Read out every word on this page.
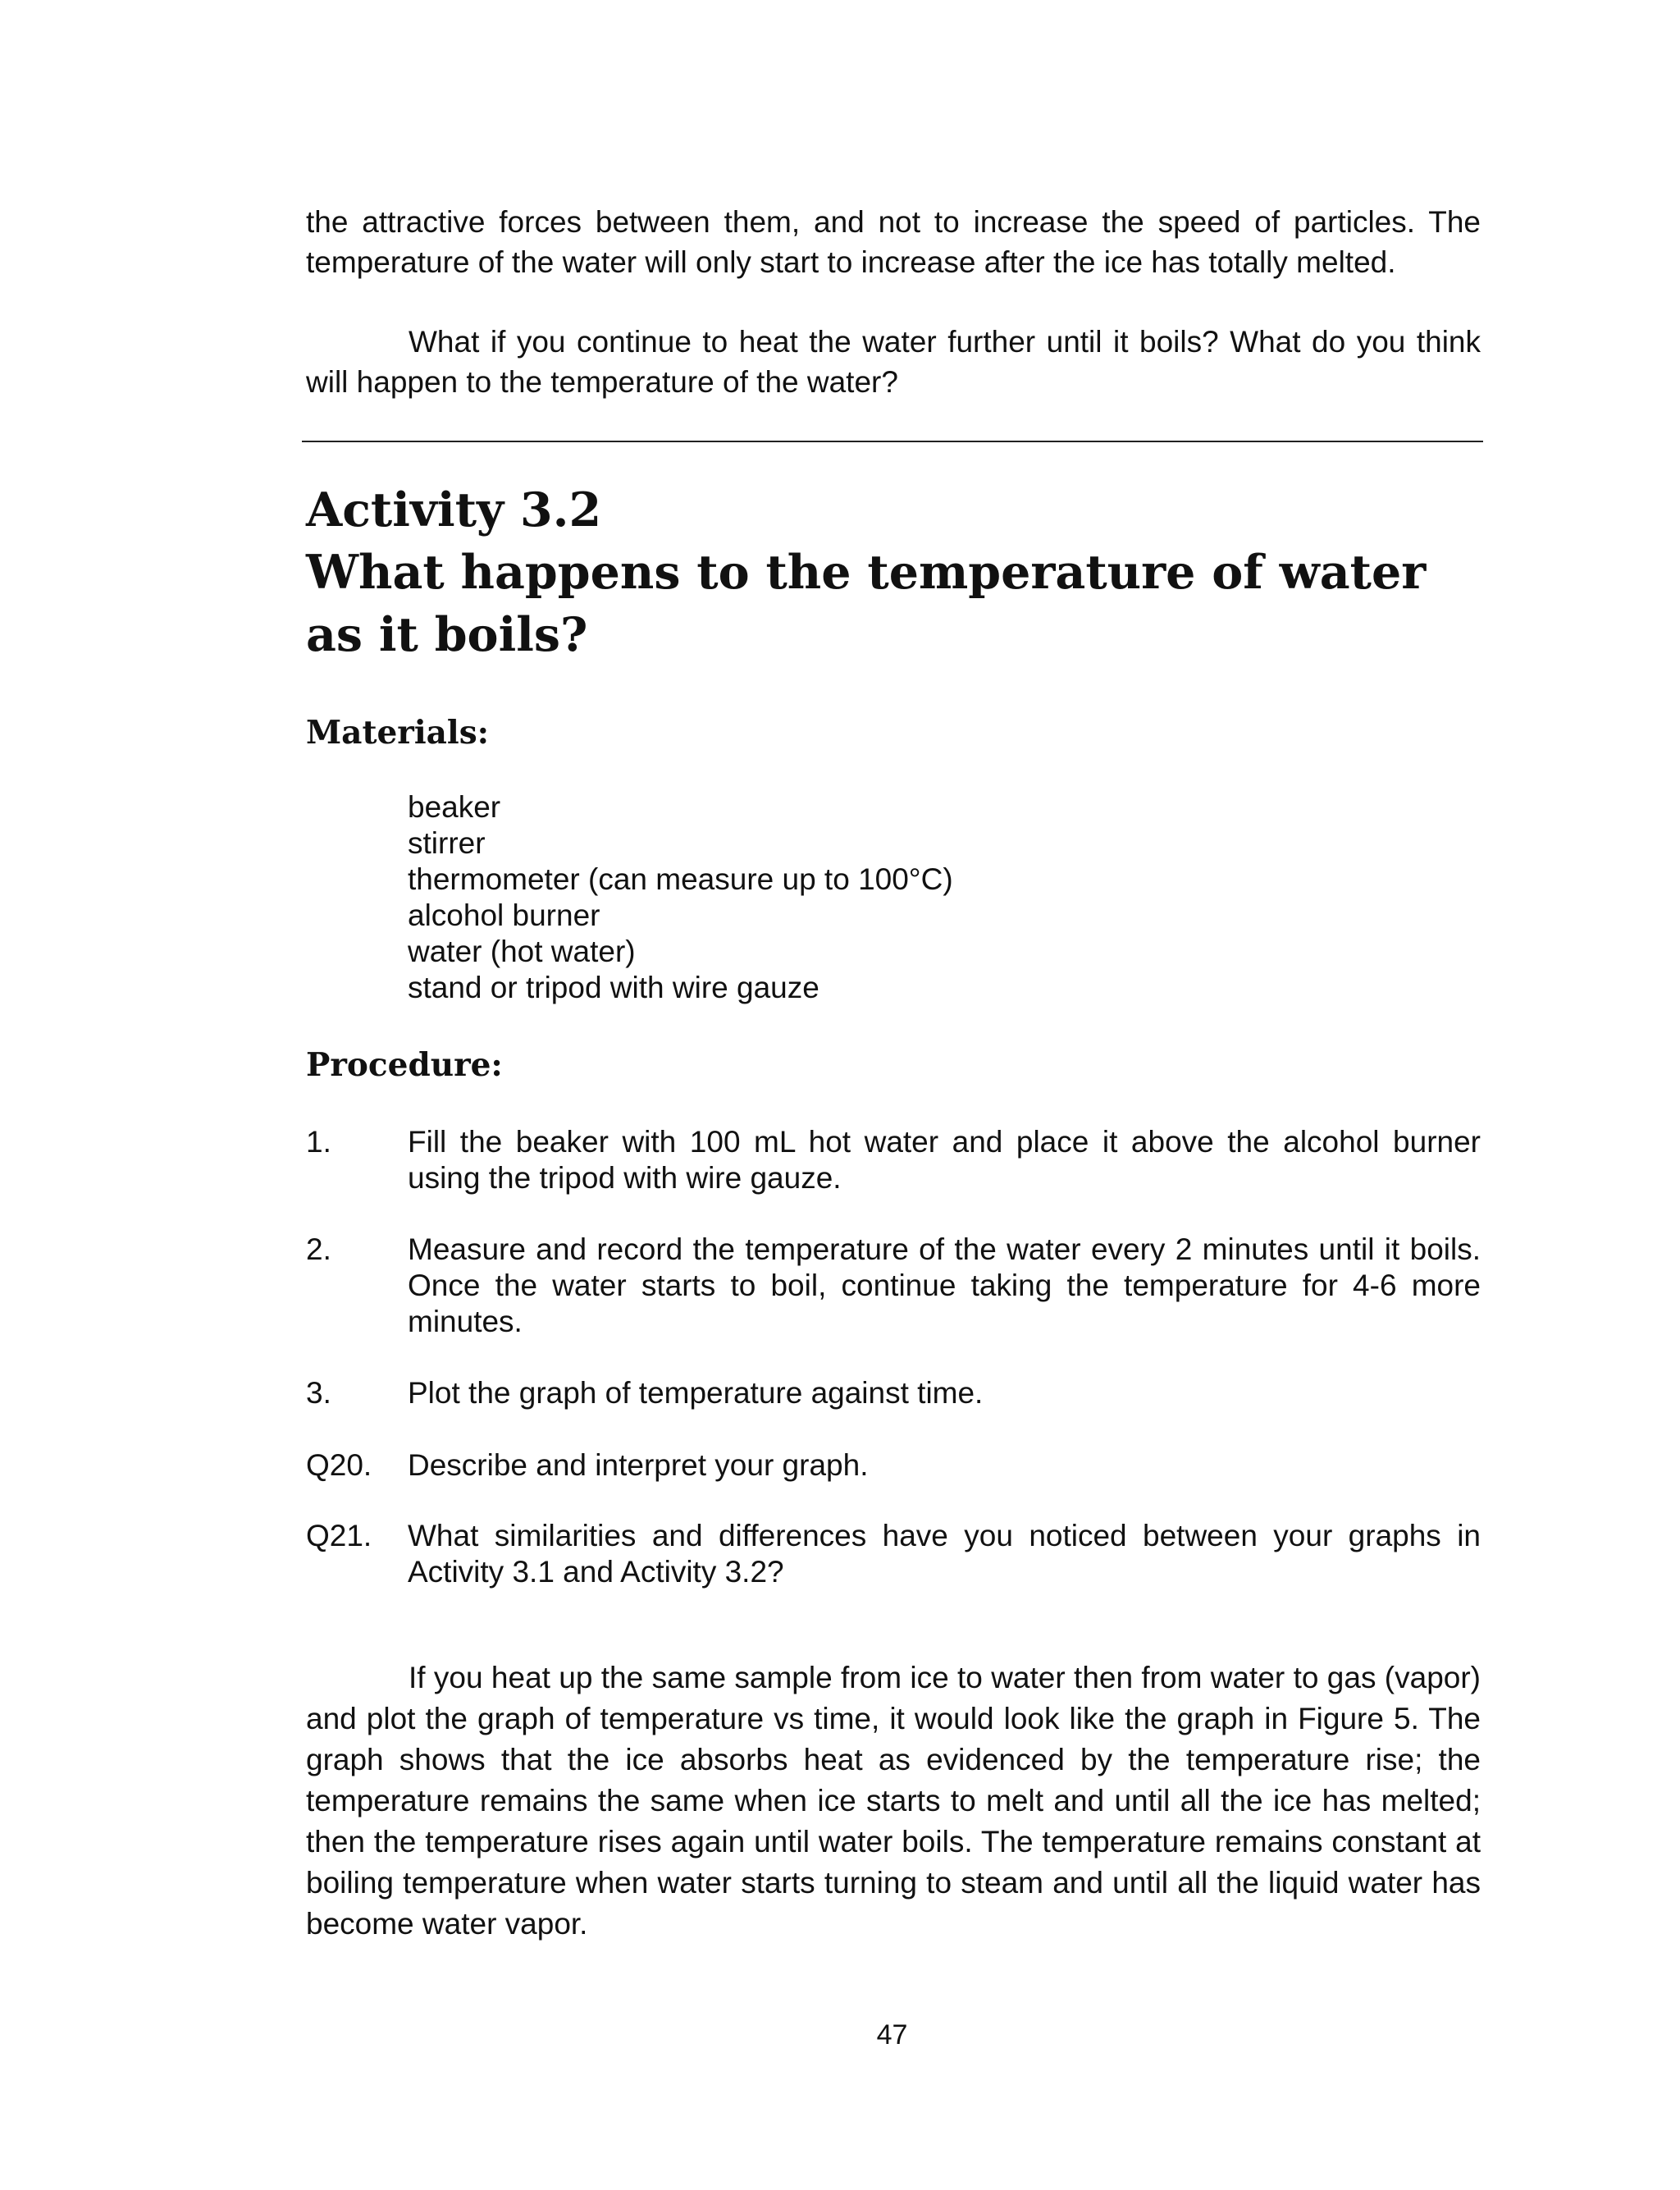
the attractive forces between them, and not to increase the speed of particles. The temperature of the water will only start to increase after the ice has totally melted.

What if you continue to heat the water further until it boils? What do you think will happen to the temperature of the water?

Activity 3.2
What happens to the temperature of water as it boils?
Materials:
beaker
stirrer
thermometer (can measure up to 100°C)
alcohol burner
water (hot water)
stand or tripod with wire gauze
Procedure:
1.	Fill the beaker with 100 mL hot water and place it above the alcohol burner using the tripod with wire gauze.
2.	Measure and record the temperature of the water every 2 minutes until it boils. Once the water starts to boil, continue taking the temperature for 4-6 more minutes.
3.	Plot the graph of temperature against time.
Q20. Describe and interpret your graph.
Q21. What similarities and differences have you noticed between your graphs in Activity 3.1 and Activity 3.2?

If you heat up the same sample from ice to water then from water to gas (vapor) and plot the graph of temperature vs time, it would look like the graph in Figure 5. The graph shows that the ice absorbs heat as evidenced by the temperature rise; the temperature remains the same when ice starts to melt and until all the ice has melted; then the temperature rises again until water boils. The temperature remains constant at boiling temperature when water starts turning to steam and until all the liquid water has become water vapor.

47
